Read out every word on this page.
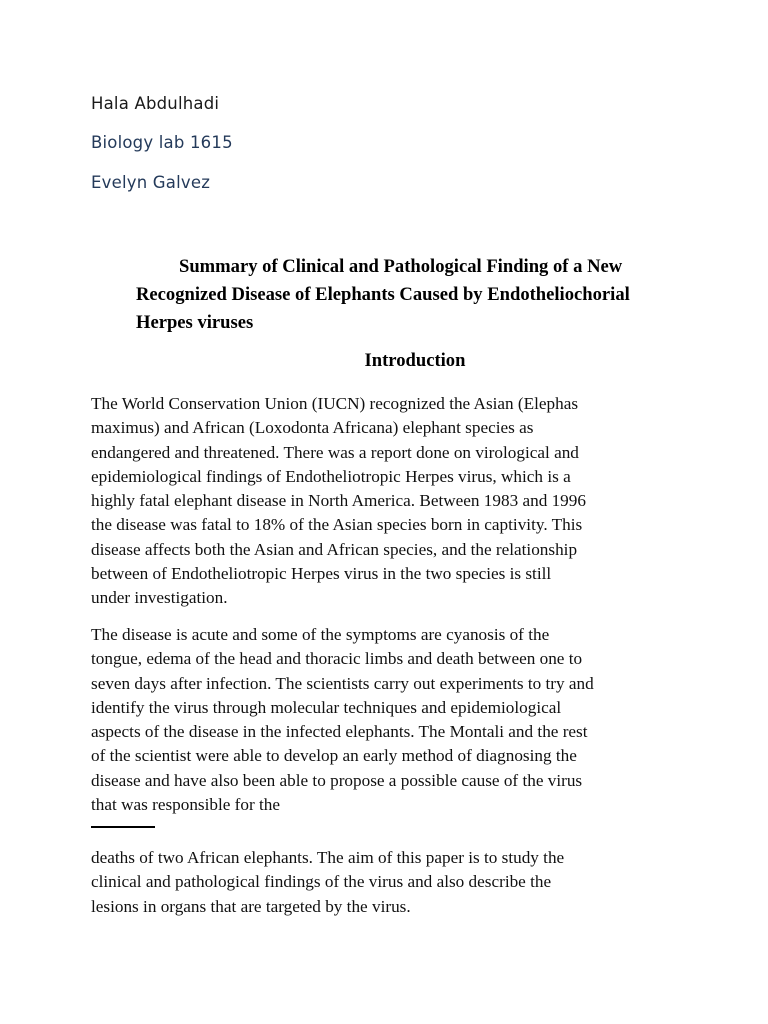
Hala Abdulhadi
Biology lab 1615
Evelyn Galvez
Summary of Clinical and Pathological Finding of a New
Recognized Disease of Elephants Caused by Endotheliochorial
Herpes viruses
Introduction
The World Conservation Union (IUCN) recognized the Asian (Elephas
maximus) and African (Loxodonta Africana) elephant species as
endangered and threatened. There was a report done on virological and
epidemiological findings of Endotheliotropic Herpes virus, which is a
highly fatal elephant disease in North America. Between 1983 and 1996
the disease was fatal to 18% of the Asian species born in captivity. This
disease affects both the Asian and African species, and the relationship
between of Endotheliotropic Herpes virus in the two species is still
under investigation.
The disease is acute and some of the symptoms are cyanosis of the
tongue, edema of the head and thoracic limbs and death between one to
seven days after infection. The scientists carry out experiments to try and
identify the virus through molecular techniques and epidemiological
aspects of the disease in the infected elephants. The Montali and the rest
of the scientist were able to develop an early method of diagnosing the
disease and have also been able to propose a possible cause of the virus
that was responsible for the
deaths of two African elephants. The aim of this paper is to study the
clinical and pathological findings of the virus and also describe the
lesions in organs that are targeted by the virus.
